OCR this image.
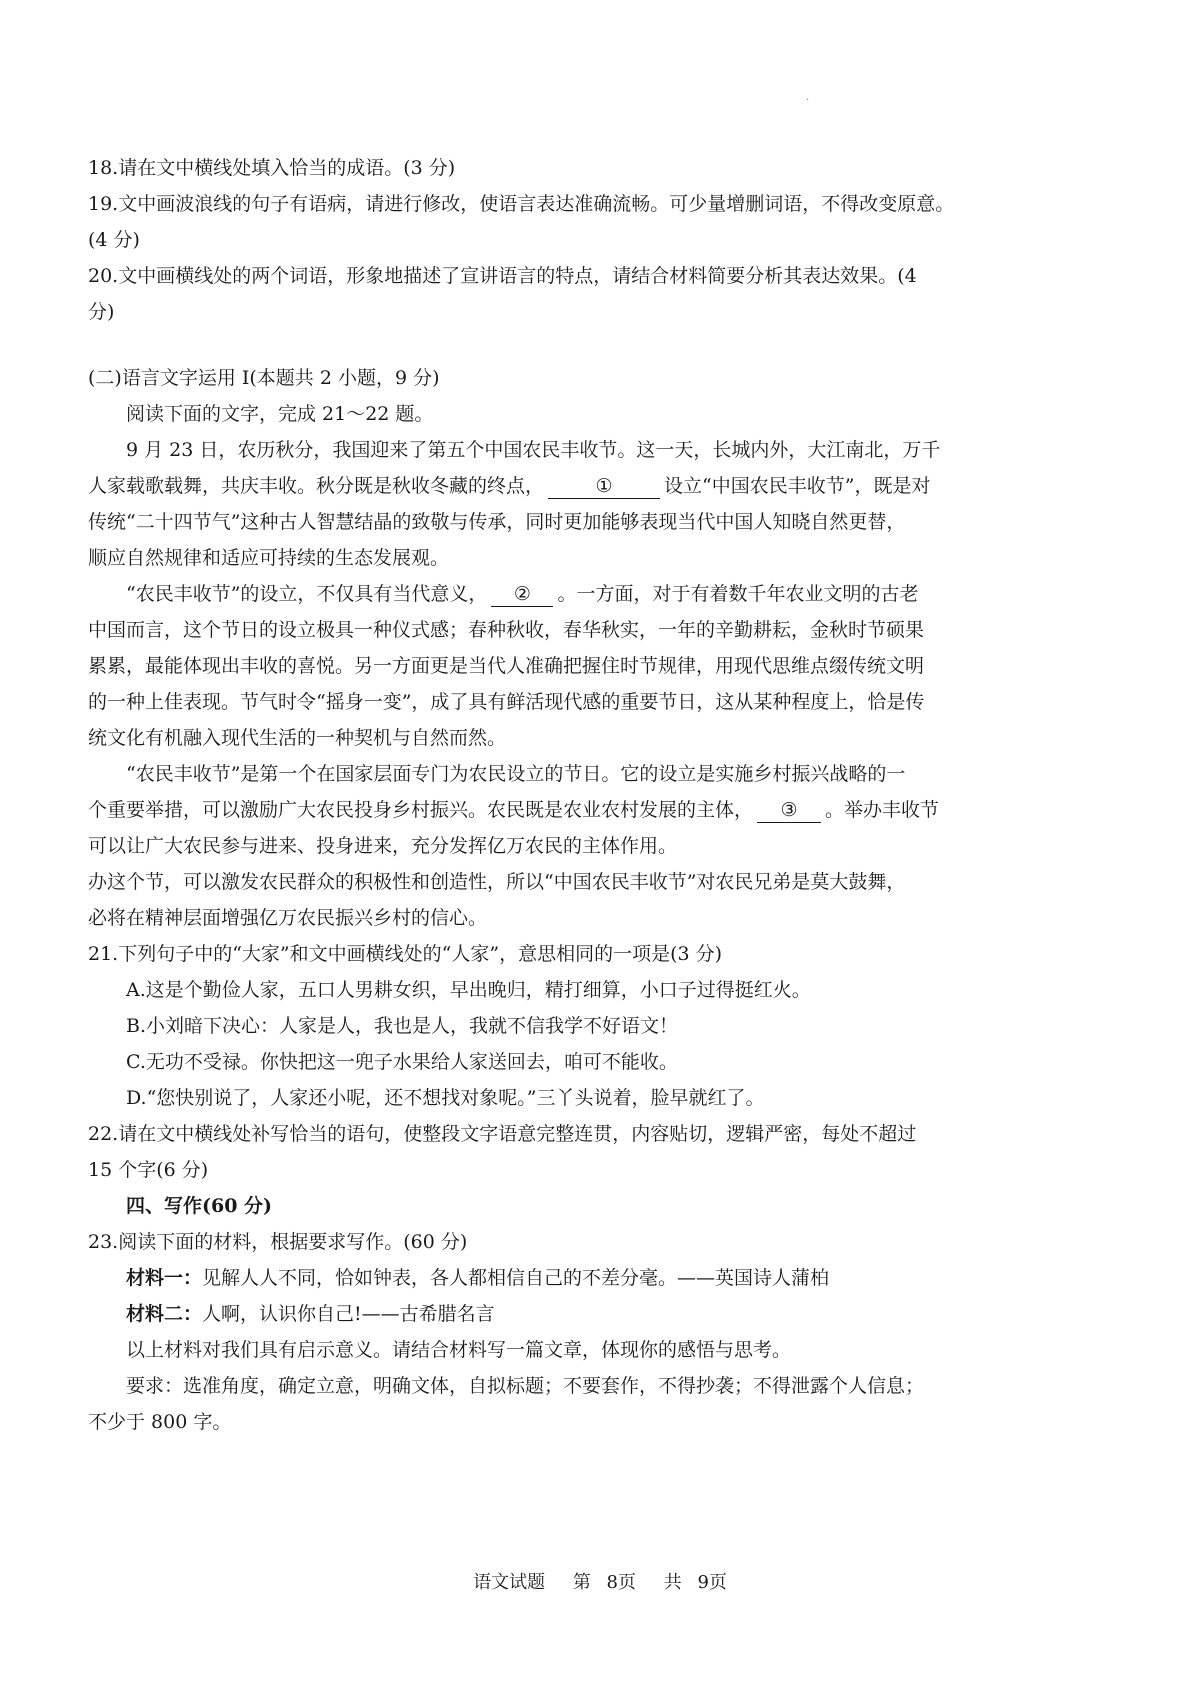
.
18.请在文中横线处填入恰当的成语。(3 分)
19.文中画波浪线的句子有语病，请进行修改，使语言表达准确流畅。可少量增删词语，不得改变原意。
(4 分)
20.文中画横线处的两个词语，形象地描述了宣讲语言的特点，请结合材料简要分析其表达效果。(4
分)
(二)语言文字运用 I(本题共 2 小题，9 分)
阅读下面的文字，完成 21～22 题。
9 月 23 日，农历秋分，我国迎来了第五个中国农民丰收节。这一天，长城内外，大江南北，万千
人家载歌载舞，共庆丰收。秋分既是秋收冬藏的终点，	①	设立“中国农民丰收节”，既是对
传统“二十四节气”这种古人智慧结晶的致敬与传承，同时更加能够表现当代中国人知晓自然更替，
顺应自然规律和适应可持续的生态发展观。
“农民丰收节”的设立，不仅具有当代意义， ② 。一方面，对于有着数千年农业文明的古老
中国而言，这个节日的设立极具一种仪式感；春种秋收，春华秋实，一年的辛勤耕耘，金秋时节硕果
累累，最能体现出丰收的喜悦。另一方面更是当代人准确把握住时节规律，用现代思维点缀传统文明
的一种上佳表现。节气时令“摇身一变”，成了具有鲜活现代感的重要节日，这从某种程度上，恰是传
统文化有机融入现代生活的一种契机与自然而然。
“农民丰收节”是第一个在国家层面专门为农民设立的节日。它的设立是实施乡村振兴战略的一
个重要举措，可以激励广大农民投身乡村振兴。农民既是农业农村发展的主体， ③ 。举办丰收节
可以让广大农民参与进来、投身进来，充分发挥亿万农民的主体作用。
办这个节，可以激发农民群众的积极性和创造性，所以“中国农民丰收节”对农民兄弟是莫大鼓舞，
必将在精神层面增强亿万农民振兴乡村的信心。
21.下列句子中的“大家”和文中画横线处的“人家”，意思相同的一项是(3 分)
A.这是个勤俭人家，五口人男耕女织，早出晚归，精打细算，小口子过得挺红火。
B.小刘暗下决心：人家是人，我也是人，我就不信我学不好语文！
C.无功不受禄。你快把这一兜子水果给人家送回去，咱可不能收。
D.“您快别说了，人家还小呢，还不想找对象呢。”三丫头说着，脸早就红了。
22.请在文中横线处补写恰当的语句，使整段文字语意完整连贯，内容贴切，逻辑严密，每处不超过
15 个字(6 分)
四、写作(60 分)
23.阅读下面的材料，根据要求写作。(60 分)
材料一：见解人人不同，恰如钟表，各人都相信自己的不差分毫。——英国诗人蒲柏
材料二：人啊，认识你自己!——古希腊名言
以上材料对我们具有启示意义。请结合材料写一篇文章，体现你的感悟与思考。
要求：选准角度，确定立意，明确文体，自拟标题；不要套作，不得抄袭；不得泄露个人信息；
不少于 800 字。
语文试题 第 8页 共 9页
